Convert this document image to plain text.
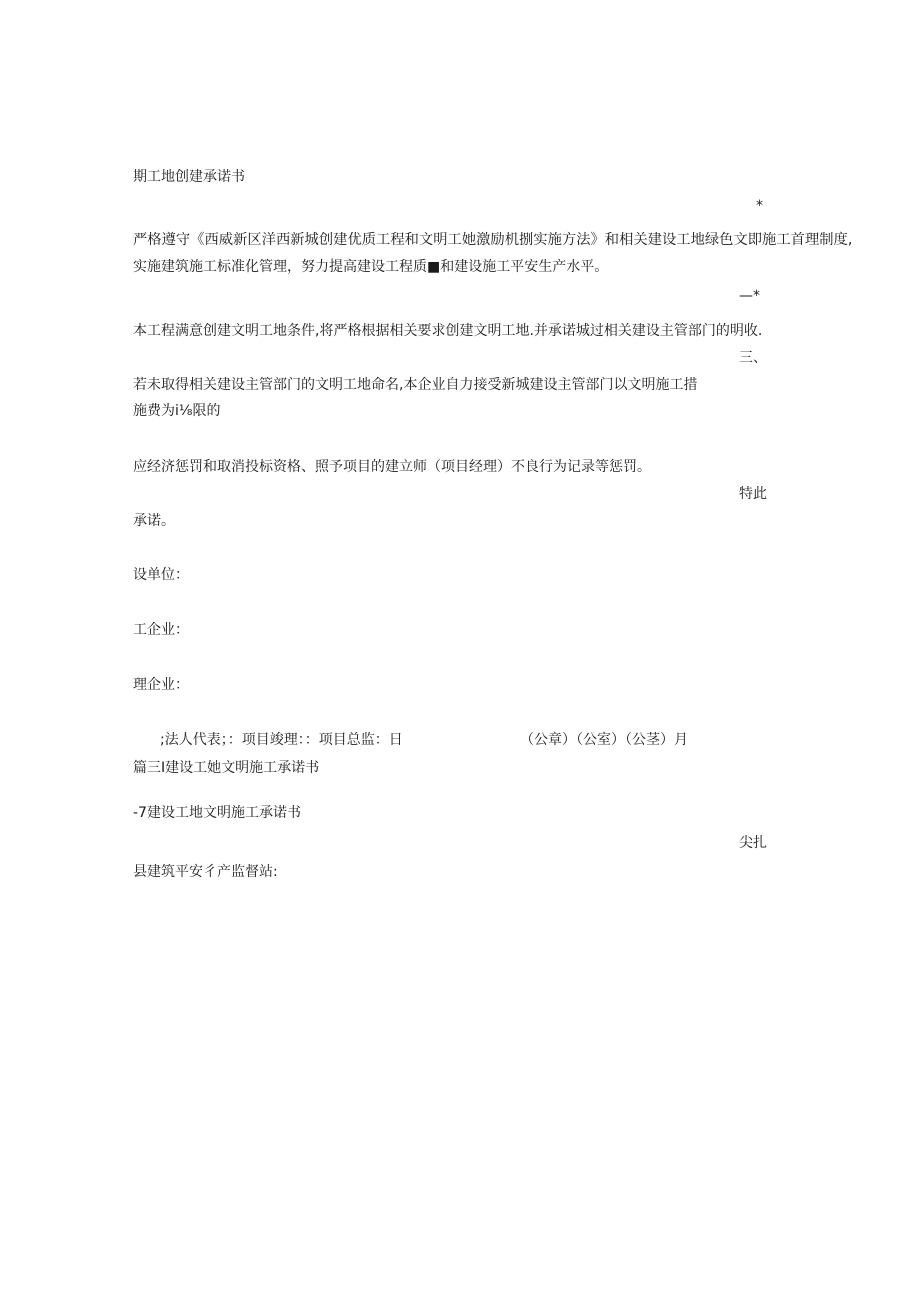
期工地创建承诺书
*
严格遵守《西威新区洋西新城创建优质工程和文明工她激励机捌实施方法》和相关建设工地绿色文即施工首理制度,
实施建筑施工标准化管理，努力提高建设工程质■和建设施工平安生产水平。
—*
本工程满意创建文明工地条件,将严格根据相关要求创建文明工地.并承诺城过相关建设主管部门的明收.
三、
若未取得相关建设主管部门的文明工地命名,本企业自力接受新城建设主管部门以文明施工措
施费为i⅛限的
应经济惩罚和取消投标资格、照予项目的建立师（项目经理）不良行为记录等惩罚。
特此
承诺。
设单位：
工企业：
理企业：
;法人代表；：项目竣理：：项目总监：日	（公章）（公室）（公茎）月
篇三I建设工她文明施工承诺书
-7建设工地文明施工承诺书
尖扎
县建筑平安彳产监督站:
